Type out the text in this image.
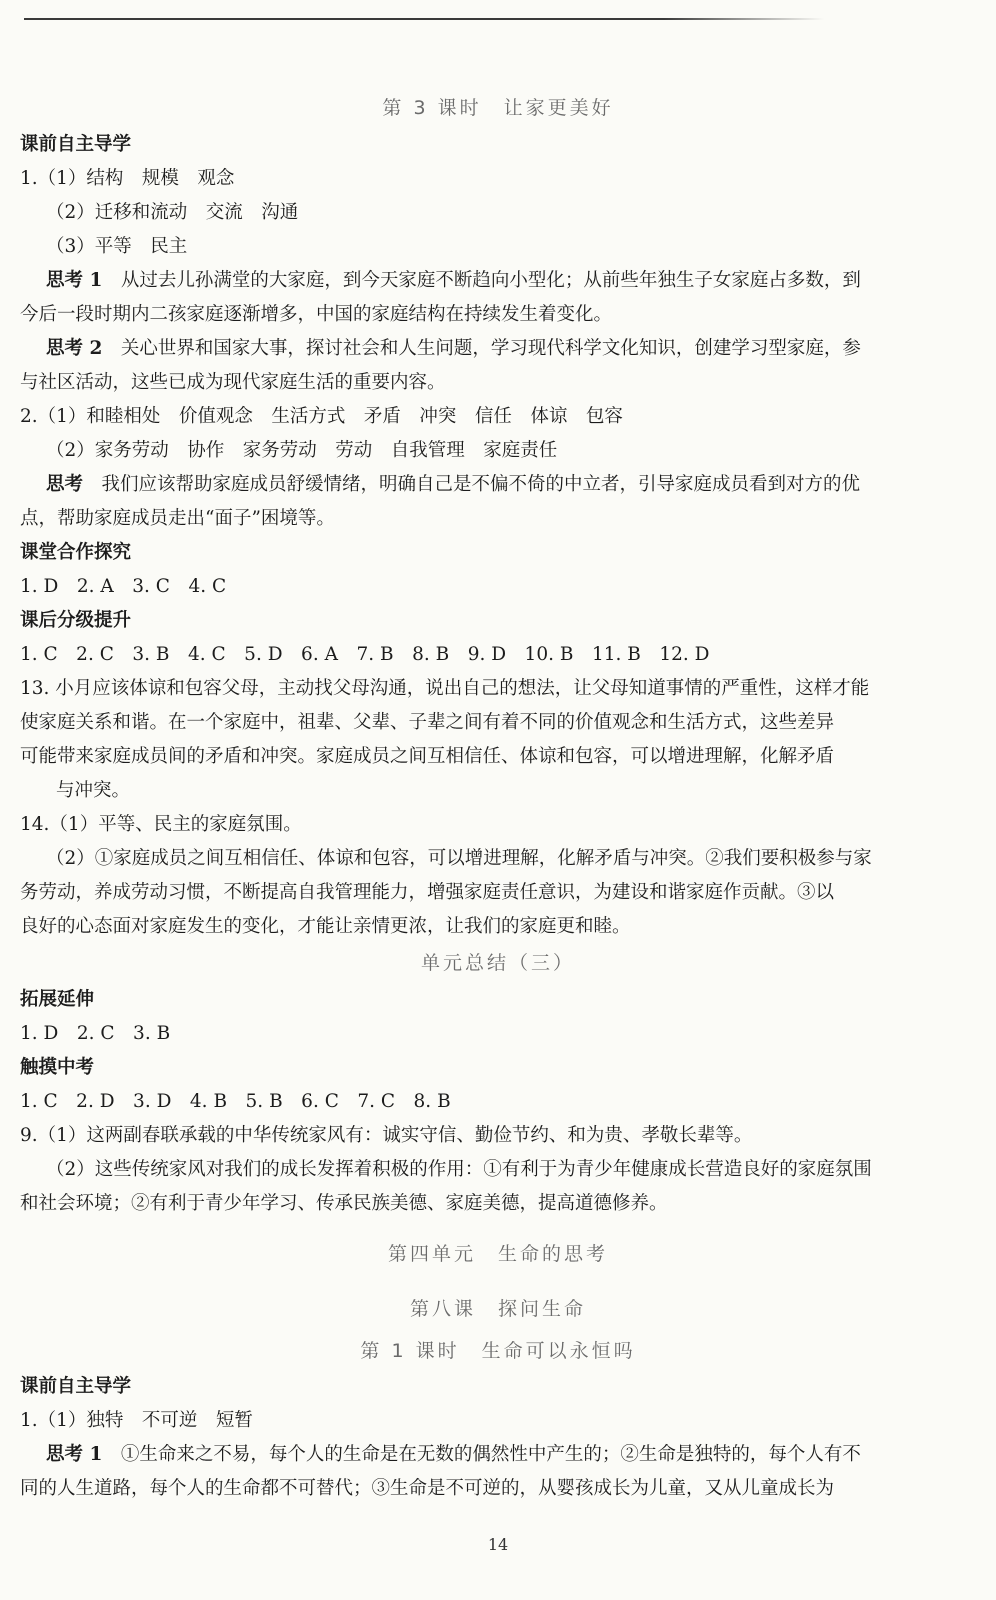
第 3 课时　让家更美好
课前自主导学
1.（1）结构　规模　观念
（2）迁移和流动　交流　沟通
（3）平等　民主
思考 1　 从过去儿孙满堂的大家庭，到今天家庭不断趋向小型化；从前些年独生子女家庭占多数，到
今后一段时期内二孩家庭逐渐增多，中国的家庭结构在持续发生着变化。
思考 2　 关心世界和国家大事，探讨社会和人生问题，学习现代科学文化知识，创建学习型家庭，参
与社区活动，这些已成为现代家庭生活的重要内容。
2.（1）和睦相处　价值观念　生活方式　矛盾　冲突　信任　体谅　包容
（2）家务劳动　协作　家务劳动　劳动　自我管理　家庭责任
思考　 我们应该帮助家庭成员舒缓情绪，明确自己是不偏不倚的中立者，引导家庭成员看到对方的优
点，帮助家庭成员走出“面子”困境等。
课堂合作探究
1. D　2. A　3. C　4. C
课后分级提升
1. C　2. C　3. B　4. C　5. D　6. A　7. B　8. B　9. D　10. B　11. B　12. D
13. 小月应该体谅和包容父母，主动找父母沟通，说出自己的想法，让父母知道事情的严重性，这样才能
使家庭关系和谐。在一个家庭中，祖辈、父辈、子辈之间有着不同的价值观念和生活方式，这些差异
可能带来家庭成员间的矛盾和冲突。家庭成员之间互相信任、体谅和包容，可以增进理解，化解矛盾
与冲突。
14.（1）平等、民主的家庭氛围。
（2）①家庭成员之间互相信任、体谅和包容，可以增进理解，化解矛盾与冲突。②我们要积极参与家
务劳动，养成劳动习惯，不断提高自我管理能力，增强家庭责任意识，为建设和谐家庭作贡献。③以
良好的心态面对家庭发生的变化，才能让亲情更浓，让我们的家庭更和睦。
单元总结（三）
拓展延伸
1. D　2. C　3. B
触摸中考
1. C　2. D　3. D　4. B　5. B　6. C　7. C　8. B
9.（1）这两副春联承载的中华传统家风有：诚实守信、勤俭节约、和为贵、孝敬长辈等。
（2）这些传统家风对我们的成长发挥着积极的作用：①有利于为青少年健康成长营造良好的家庭氛围
和社会环境；②有利于青少年学习、传承民族美德、家庭美德，提高道德修养。
第四单元　生命的思考
第八课　探问生命
第 1 课时　生命可以永恒吗
课前自主导学
1.（1）独特　不可逆　短暂
思考 1　 ①生命来之不易，每个人的生命是在无数的偶然性中产生的；②生命是独特的，每个人有不
同的人生道路，每个人的生命都不可替代；③生命是不可逆的，从婴孩成长为儿童，又从儿童成长为
14
